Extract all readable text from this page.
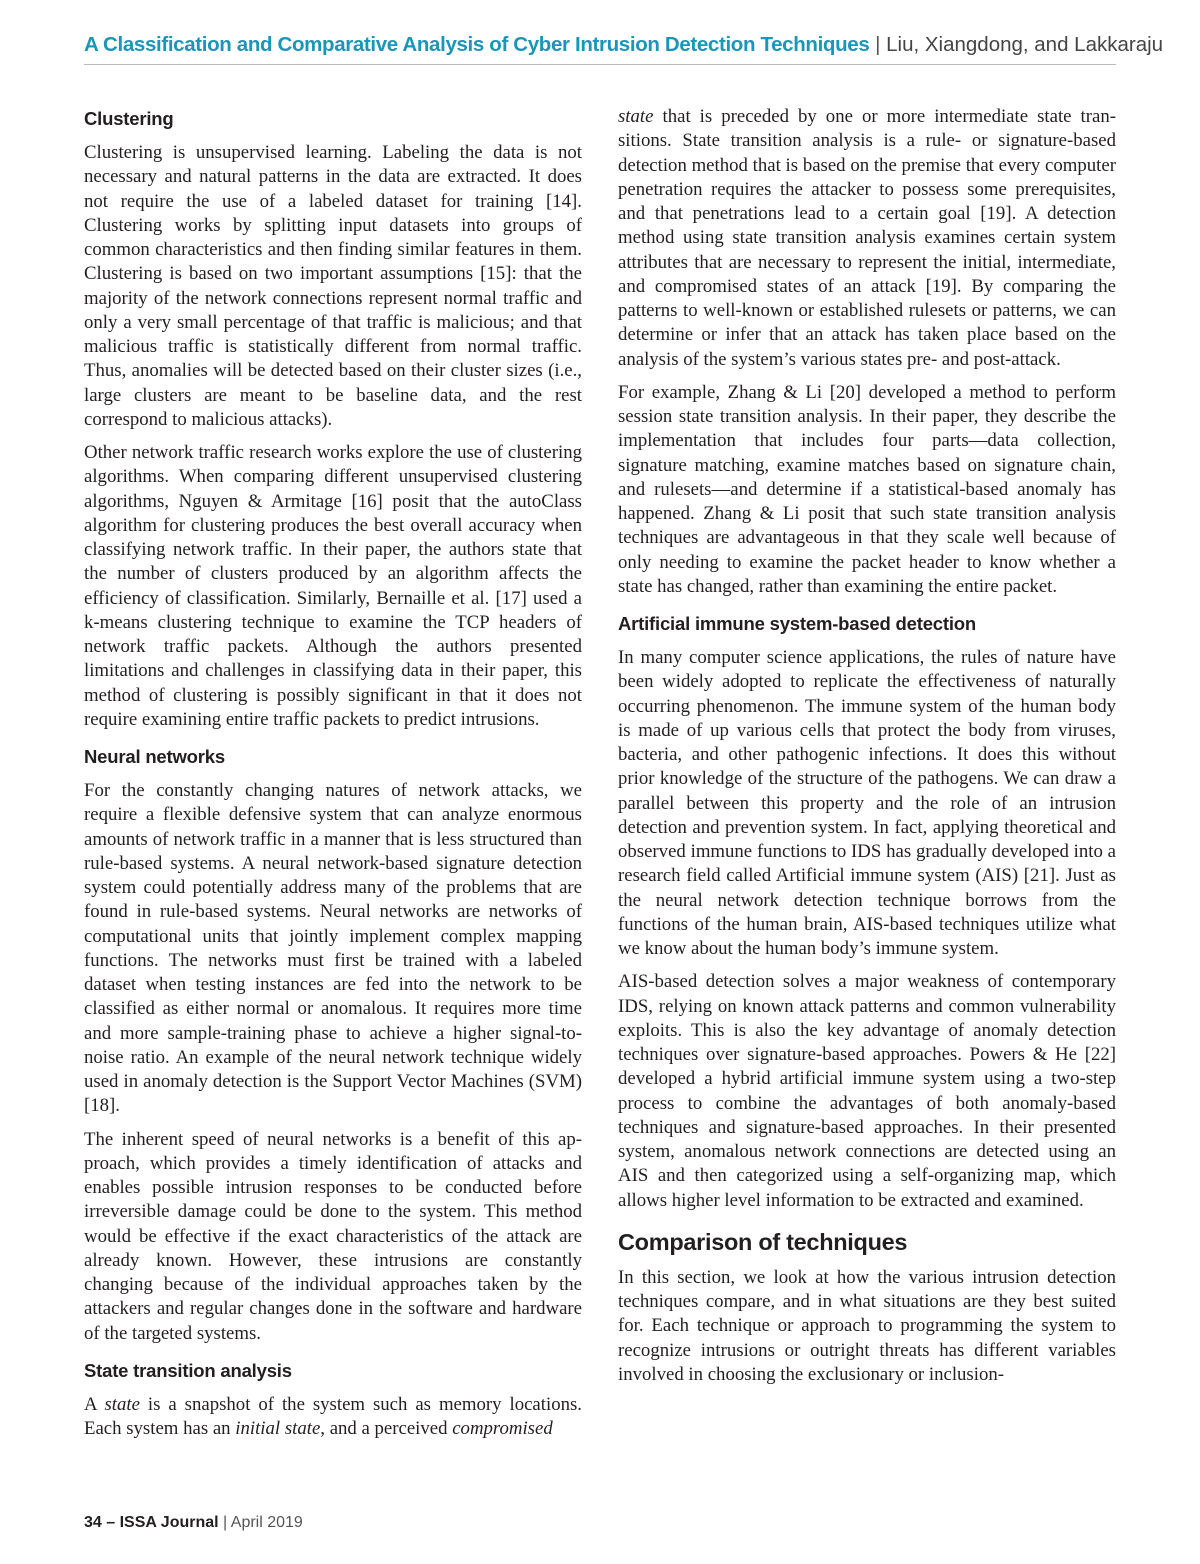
A Classification and Comparative Analysis of Cyber Intrusion Detection Techniques | Liu, Xiangdong, and Lakkaraju
Clustering

Clustering is unsupervised learning. Labeling the data is not necessary and natural patterns in the data are extracted. It does not require the use of a labeled dataset for training [14]. Clustering works by splitting input datasets into groups of common characteristics and then finding similar features in them. Clustering is based on two important assumptions [15]: that the majority of the network connections represent normal traffic and only a very small percentage of that traffic is malicious; and that malicious traffic is statistically different from normal traffic. Thus, anomalies will be detected based on their cluster sizes (i.e., large clusters are meant to be baseline data, and the rest correspond to malicious attacks).

Other network traffic research works explore the use of clustering algorithms. When comparing different unsupervised clustering algorithms, Nguyen & Armitage [16] posit that the autoClass algorithm for clustering produces the best overall accuracy when classifying network traffic. In their paper, the authors state that the number of clusters produced by an algorithm affects the efficiency of classification. Similarly, Bernaille et al. [17] used a k-means clustering technique to examine the TCP headers of network traffic packets. Although the authors presented limitations and challenges in classifying data in their paper, this method of clustering is possibly significant in that it does not require examining entire traffic packets to predict intrusions.

Neural networks

For the constantly changing natures of network attacks, we require a flexible defensive system that can analyze enormous amounts of network traffic in a manner that is less structured than rule-based systems. A neural network-based signature detection system could potentially address many of the problems that are found in rule-based systems. Neural networks are networks of computational units that jointly implement complex mapping functions. The networks must first be trained with a labeled dataset when testing instances are fed into the network to be classified as either normal or anomalous. It requires more time and more sample-training phase to achieve a higher signal-to-noise ratio. An example of the neural network technique widely used in anomaly detection is the Support Vector Machines (SVM) [18].

The inherent speed of neural networks is a benefit of this approach, which provides a timely identification of attacks and enables possible intrusion responses to be conducted before irreversible damage could be done to the system. This method would be effective if the exact characteristics of the attack are already known. However, these intrusions are constantly changing because of the individual approaches taken by the attackers and regular changes done in the software and hardware of the targeted systems.

State transition analysis

A state is a snapshot of the system such as memory locations. Each system has an initial state, and a perceived compromised

state that is preceded by one or more intermediate state transitions. State transition analysis is a rule- or signature-based detection method that is based on the premise that every computer penetration requires the attacker to possess some prerequisites, and that penetrations lead to a certain goal [19]. A detection method using state transition analysis examines certain system attributes that are necessary to represent the initial, intermediate, and compromised states of an attack [19]. By comparing the patterns to well-known or established rulesets or patterns, we can determine or infer that an attack has taken place based on the analysis of the system’s various states pre- and post-attack.

For example, Zhang & Li [20] developed a method to perform session state transition analysis. In their paper, they describe the implementation that includes four parts—data collection, signature matching, examine matches based on signature chain, and rulesets—and determine if a statistical-based anomaly has happened. Zhang & Li posit that such state transition analysis techniques are advantageous in that they scale well because of only needing to examine the packet header to know whether a state has changed, rather than examining the entire packet.

Artificial immune system-based detection

In many computer science applications, the rules of nature have been widely adopted to replicate the effectiveness of naturally occurring phenomenon. The immune system of the human body is made of up various cells that protect the body from viruses, bacteria, and other pathogenic infections. It does this without prior knowledge of the structure of the pathogens. We can draw a parallel between this property and the role of an intrusion detection and prevention system. In fact, applying theoretical and observed immune functions to IDS has gradually developed into a research field called Artificial immune system (AIS) [21]. Just as the neural network detection technique borrows from the functions of the human brain, AIS-based techniques utilize what we know about the human body’s immune system.

AIS-based detection solves a major weakness of contemporary IDS, relying on known attack patterns and common vulnerability exploits. This is also the key advantage of anomaly detection techniques over signature-based approaches. Powers & He [22] developed a hybrid artificial immune system using a two-step process to combine the advantages of both anomaly-based techniques and signature-based approaches. In their presented system, anomalous network connections are detected using an AIS and then categorized using a self-organizing map, which allows higher level information to be extracted and examined.

Comparison of techniques

In this section, we look at how the various intrusion detection techniques compare, and in what situations are they best suited for. Each technique or approach to programming the system to recognize intrusions or outright threats has different variables involved in choosing the exclusionary or inclusion-

34 – ISSA Journal | April 2019
